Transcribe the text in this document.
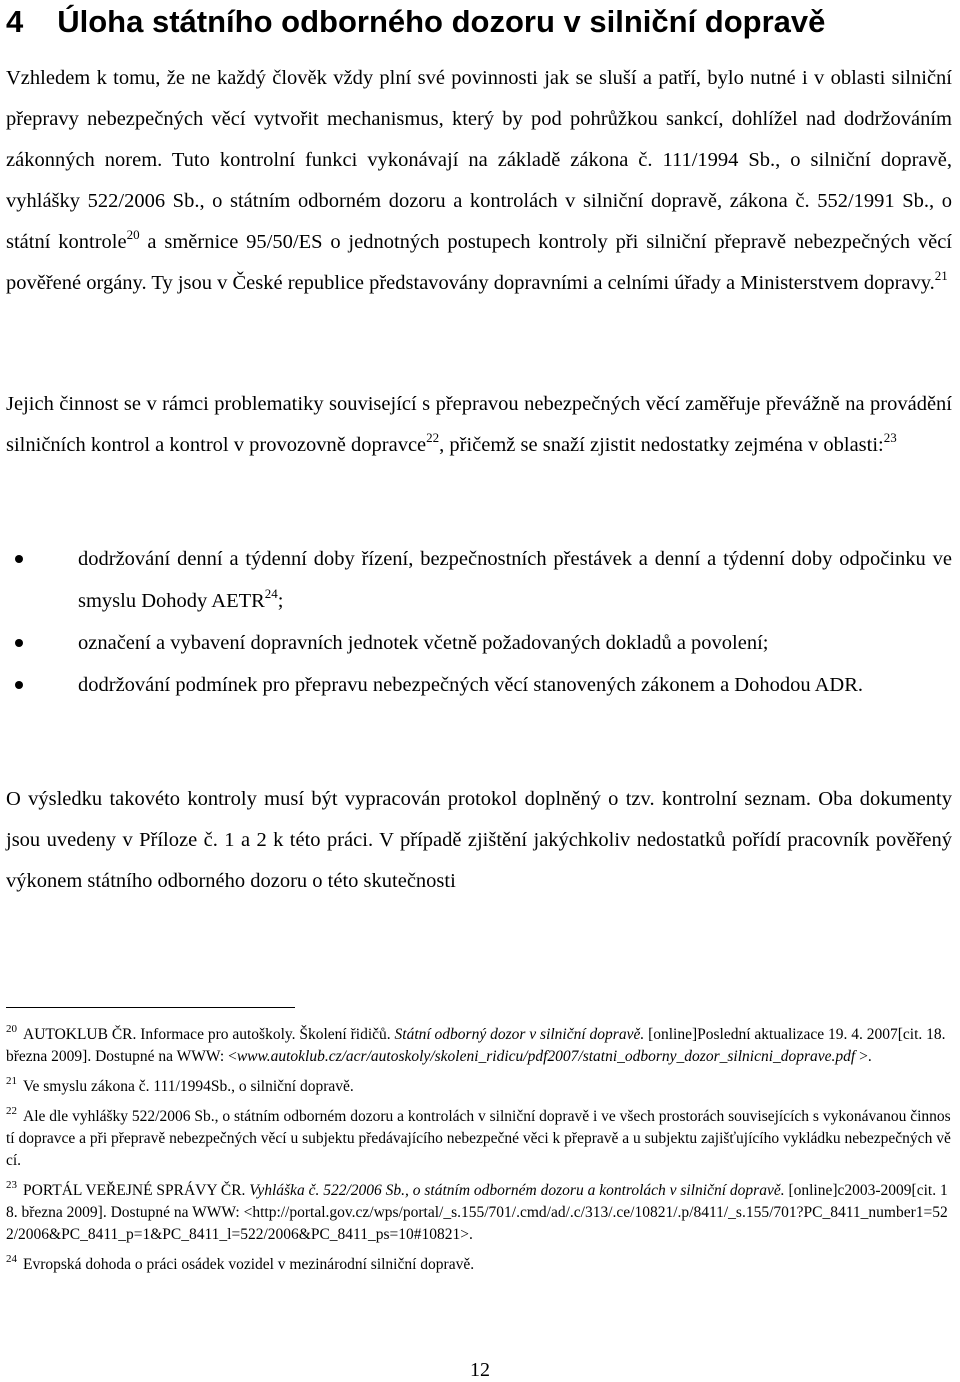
4 Úloha státního odborného dozoru v silniční dopravě

Vzhledem k tomu, že ne každý člověk vždy plní své povinnosti jak se sluší a patří, bylo nutné i v oblasti silniční přepravy nebezpečných věcí vytvořit mechanismus, který by pod pohrůžkou sankcí, dohlížel nad dodržováním zákonných norem. Tuto kontrolní funkci vykonávají na základě zákona č. 111/1994 Sb., o silniční dopravě, vyhlášky 522/2006 Sb., o státním odborném dozoru a kontrolách v silniční dopravě, zákona č. 552/1991 Sb., o státní kontrole$^{20}$ a směrnice 95/50/ES o jednotných postupech kontroly při silniční přepravě nebezpečných věcí pověřené orgány. Ty jsou v České republice představovány dopravními a celními úřady a Ministerstvem dopravy.$^{21}$

Jejich činnost se v rámci problematiky související s přepravou nebezpečných věcí zaměřuje převážně na provádění silničních kontrol a kontrol v provozovně dopravce$^{22}$, přičemž se snaží zjistit nedostatky zejména v oblasti:$^{23}$

dodržování denní a týdenní doby řízení, bezpečnostních přestávek a denní a týdenní doby odpočinku ve smyslu Dohody AETR$^{24}$;
označení a vybavení dopravních jednotek včetně požadovaných dokladů a povolení;
dodržování podmínek pro přepravu nebezpečných věcí stanovených zákonem a Dohodou ADR.

O výsledku takovéto kontroly musí být vypracován protokol doplněný o tzv. kontrolní seznam. Oba dokumenty jsou uvedeny v Příloze č. 1 a 2 k této práci. V případě zjištění jakýchkoliv nedostatků pořídí pracovník pověřený výkonem státního odborného dozoru o této skutečnosti

$^{20}$ AUTOKLUB ČR. Informace pro autoškoly. Školení řidičů. Státní odborný dozor v silniční dopravě. [online]Poslední aktualizace 19. 4. 2007[cit. 18. března 2009]. Dostupné na WWW: <www.autoklub.cz/acr/autoskoly/skoleni_ridicu/pdf2007/statni_odborny_dozor_silnicni_doprave.pdf >.

$^{21}$ Ve smyslu zákona č. 111/1994Sb., o silniční dopravě.

$^{22}$ Ale dle vyhlášky 522/2006 Sb., o státním odborném dozoru a kontrolách v silniční dopravě i ve všech prostorách souvisejících s vykonávanou činností dopravce a při přepravě nebezpečných věcí u subjektu předávajícího nebezpečné věci k přepravě a u subjektu zajišťujícího vykládku nebezpečných věcí.

$^{23}$ PORTÁL VEŘEJNÉ SPRÁVY ČR. Vyhláška č. 522/2006 Sb., o státním odborném dozoru a kontrolách v silniční dopravě. [online]c2003-2009[cit. 18. března 2009]. Dostupné na WWW: <http://portal.gov.cz/wps/portal/_s.155/701/.cmd/ad/.c/313/.ce/10821/.p/8411/_s.155/701?PC_8411_number1=522/2006&PC_8411_p=1&PC_8411_l=522/2006&PC_8411_ps=10#10821>.

$^{24}$ Evropská dohoda o práci osádek vozidel v mezinárodní silniční dopravě.

12
